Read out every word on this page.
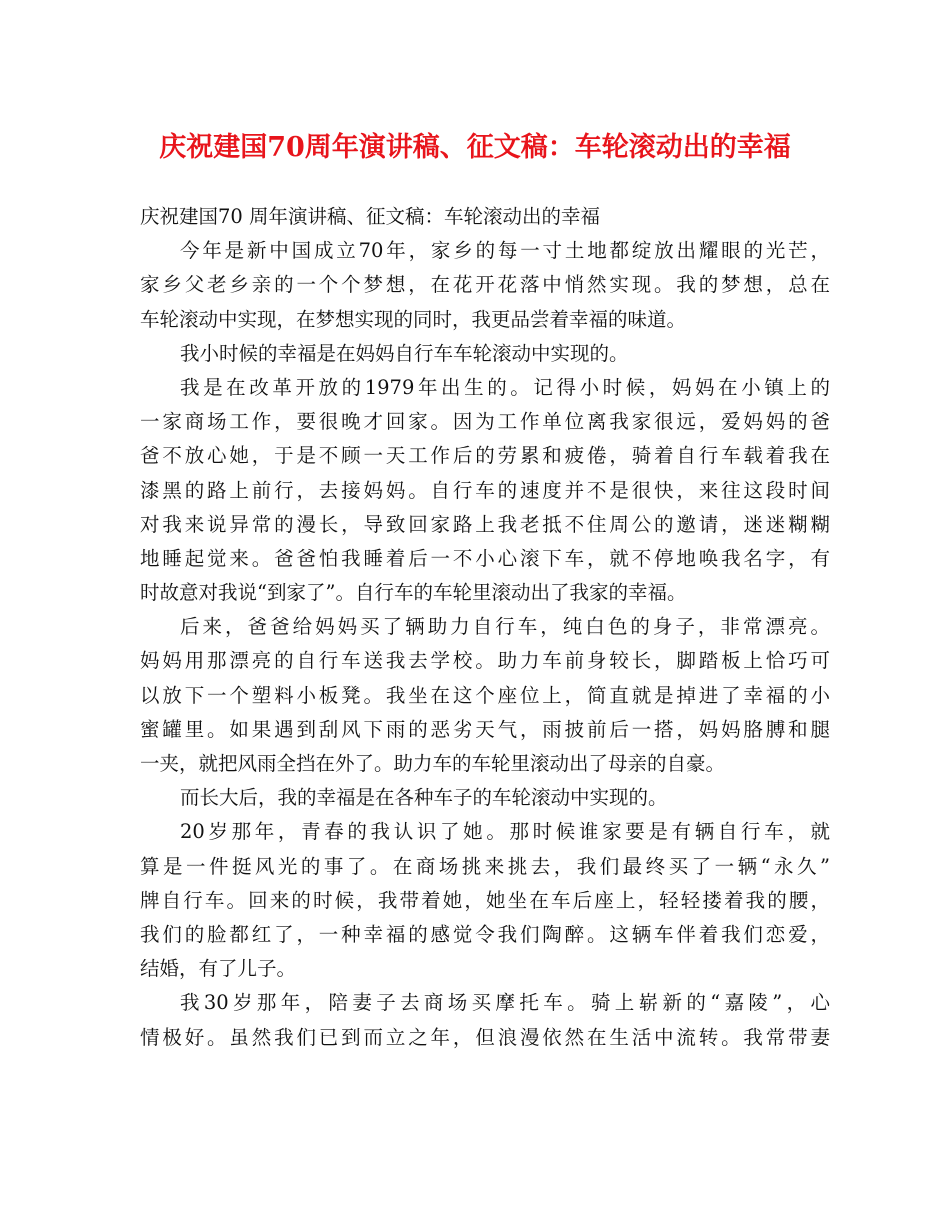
庆祝建国70周年演讲稿、征文稿：车轮滚动出的幸福

庆祝建国70 周年演讲稿、征文稿：车轮滚动出的幸福

今年是新中国成立70年，家乡的每一寸土地都绽放出耀眼的光芒，

家乡父老乡亲的一个个梦想，在花开花落中悄然实现。我的梦想，总在

车轮滚动中实现，在梦想实现的同时，我更品尝着幸福的味道。

我小时候的幸福是在妈妈自行车车轮滚动中实现的。

我是在改革开放的1979年出生的。记得小时候，妈妈在小镇上的

一家商场工作，要很晚才回家。因为工作单位离我家很远，爱妈妈的爸

爸不放心她，于是不顾一天工作后的劳累和疲倦，骑着自行车载着我在

漆黑的路上前行，去接妈妈。自行车的速度并不是很快，来往这段时间

对我来说异常的漫长，导致回家路上我老抵不住周公的邀请，迷迷糊糊

地睡起觉来。爸爸怕我睡着后一不小心滚下车，就不停地唤我名字，有

时故意对我说“到家了”。自行车的车轮里滚动出了我家的幸福。

后来，爸爸给妈妈买了辆助力自行车，纯白色的身子，非常漂亮。

妈妈用那漂亮的自行车送我去学校。助力车前身较长，脚踏板上恰巧可

以放下一个塑料小板凳。我坐在这个座位上，简直就是掉进了幸福的小

蜜罐里。如果遇到刮风下雨的恶劣天气，雨披前后一搭，妈妈胳膊和腿

一夹，就把风雨全挡在外了。助力车的车轮里滚动出了母亲的自豪。

而长大后，我的幸福是在各种车子的车轮滚动中实现的。

20岁那年，青春的我认识了她。那时候谁家要是有辆自行车，就

算是一件挺风光的事了。在商场挑来挑去，我们最终买了一辆“永久”

牌自行车。回来的时候，我带着她，她坐在车后座上，轻轻搂着我的腰，

我们的脸都红了，一种幸福的感觉令我们陶醉。这辆车伴着我们恋爱，

结婚，有了儿子。

我30岁那年，陪妻子去商场买摩托车。骑上崭新的“嘉陵”，心

情极好。虽然我们已到而立之年，但浪漫依然在生活中流转。我常带妻
